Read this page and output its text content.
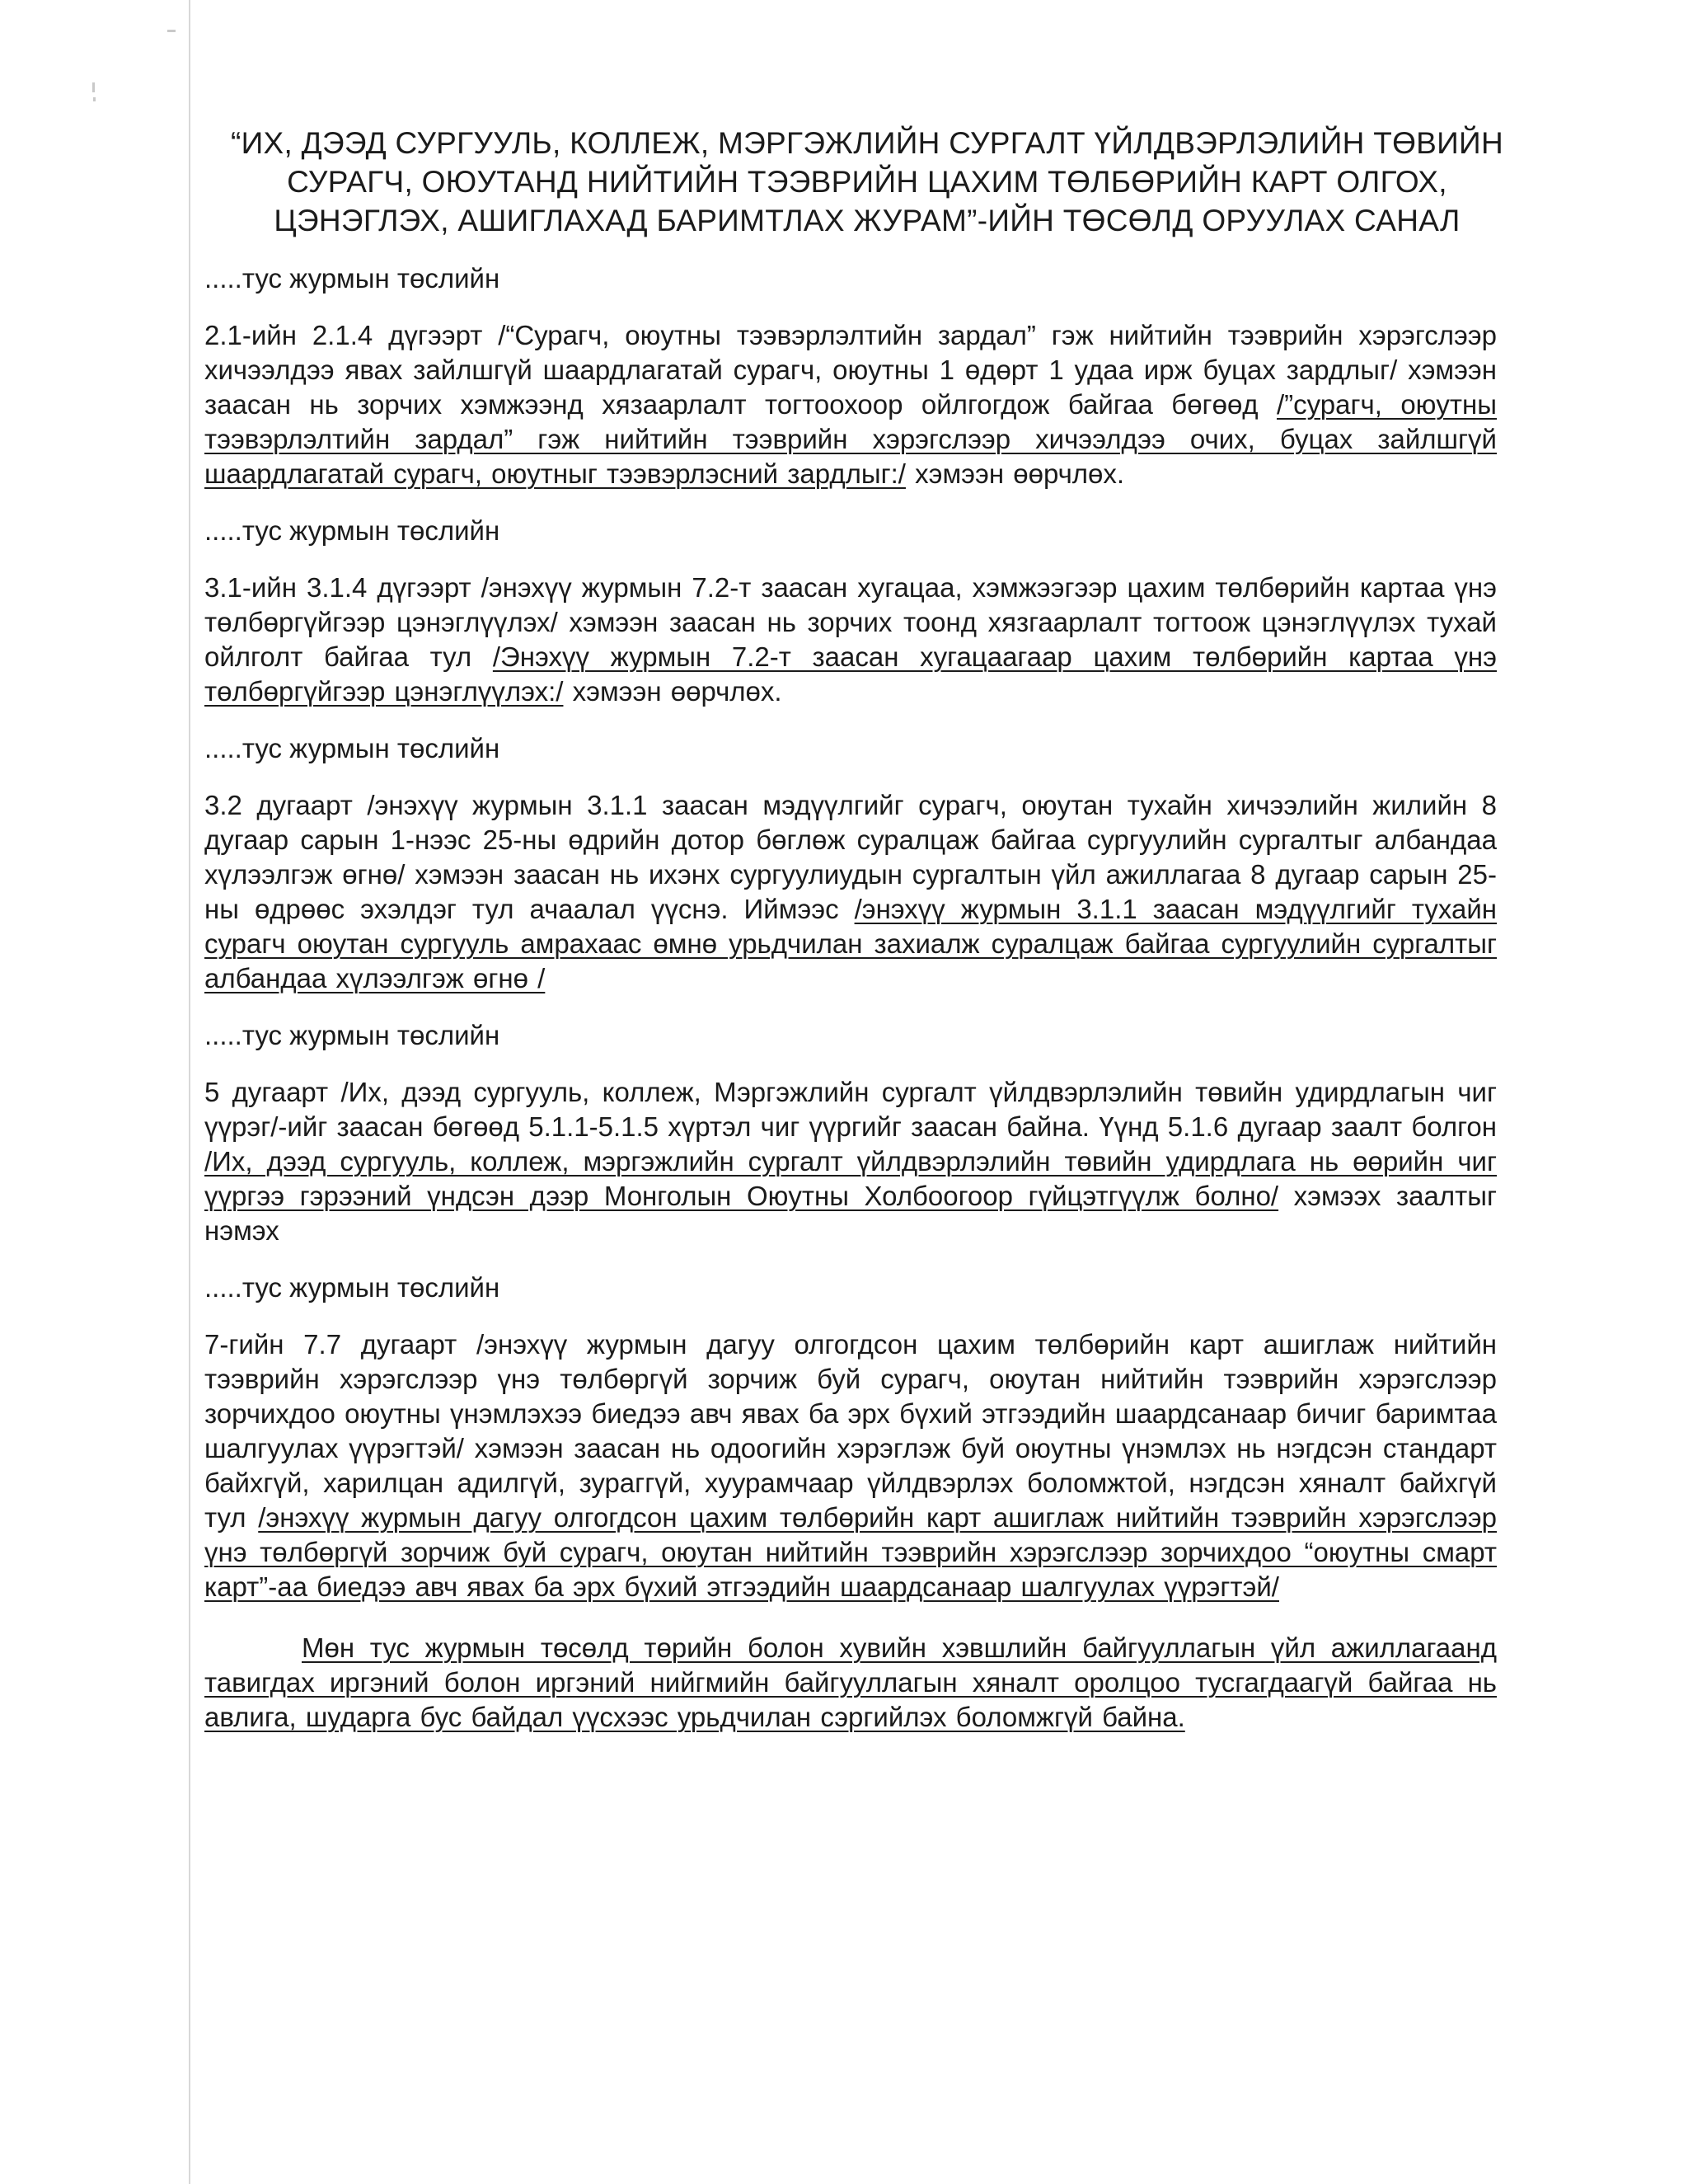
“ИХ, ДЭЭД СУРГУУЛЬ, КОЛЛЕЖ, МЭРГЭЖЛИЙН СУРГАЛТ ҮЙЛДВЭРЛЭЛИЙН ТӨВИЙН
СУРАГЧ, ОЮУТАНД НИЙТИЙН ТЭЭВРИЙН ЦАХИМ ТӨЛБӨРИЙН КАРТ ОЛГОХ,
ЦЭНЭГЛЭХ, АШИГЛАХАД БАРИМТЛАХ ЖУРАМ”-ИЙН ТӨСӨЛД ОРУУЛАХ САНАЛ
.....тус журмын төслийн
2.1-ийн 2.1.4 дүгээрт /“Сурагч, оюутны тээвэрлэлтийн зардал” гэж нийтийн тээврийн хэрэгслээр хичээлдээ явах зайлшгүй шаардлагатай сурагч, оюутны 1 өдөрт 1 удаа ирж буцах зардлыг/ хэмээн заасан нь зорчих хэмжээнд хязаарлалт тогтоохоор ойлгогдож байгаа бөгөөд /”сурагч, оюутны тээвэрлэлтийн зардал” гэж нийтийн тээврийн хэрэгслээр хичээлдээ очих, буцах зайлшгүй шаардлагатай сурагч, оюутныг тээвэрлэсний зардлыг:/ хэмээн өөрчлөх.
.....тус журмын төслийн
3.1-ийн 3.1.4 дүгээрт /энэхүү журмын 7.2-т заасан хугацаа, хэмжээгээр цахим төлбөрийн картаа үнэ төлбөргүйгээр цэнэглүүлэх/ хэмээн заасан нь зорчих тоонд хязгаарлалт тогтоож цэнэглүүлэх тухай ойлголт байгаа тул /Энэхүү журмын 7.2-т заасан хугацаагаар цахим төлбөрийн картаа үнэ төлбөргүйгээр цэнэглүүлэх:/ хэмээн өөрчлөх.
.....тус журмын төслийн
3.2 дугаарт /энэхүү журмын 3.1.1 заасан мэдүүлгийг сурагч, оюутан тухайн хичээлийн жилийн 8 дугаар сарын 1-нээс 25-ны өдрийн дотор бөглөж суралцаж байгаа сургуулийн сургалтыг албандаа хүлээлгэж өгнө/ хэмээн заасан нь ихэнх сургуулиудын сургалтын үйл ажиллагаа 8 дугаар сарын 25-ны өдрөөс эхэлдэг тул ачаалал үүснэ. Иймээс /энэхүү журмын 3.1.1 заасан мэдүүлгийг тухайн сурагч оюутан сургууль амрахаас өмнө урьдчилан захиалж суралцаж байгаа сургуулийн сургалтыг албандаа хүлээлгэж өгнө /
.....тус журмын төслийн
5 дугаарт /Их, дээд сургууль, коллеж, Мэргэжлийн сургалт үйлдвэрлэлийн төвийн удирдлагын чиг үүрэг/-ийг заасан бөгөөд 5.1.1-5.1.5 хүртэл чиг үүргийг заасан байна. Үүнд 5.1.6 дугаар заалт болгон /Их, дээд сургууль, коллеж, мэргэжлийн сургалт үйлдвэрлэлийн төвийн удирдлага нь өөрийн чиг үүргээ гэрээний үндсэн дээр Монголын Оюутны Холбоогоор гүйцэтгүүлж болно/ хэмээх заалтыг нэмэх
.....тус журмын төслийн
7-гийн 7.7 дугаарт /энэхүү журмын дагуу олгогдсон цахим төлбөрийн карт ашиглаж нийтийн тээврийн хэрэгслээр үнэ төлбөргүй зорчиж буй сурагч, оюутан нийтийн тээврийн хэрэгслээр зорчихдоо оюутны үнэмлэхээ биедээ авч явах ба эрх бүхий этгээдийн шаардсанаар бичиг баримтаа шалгуулах үүрэгтэй/ хэмээн заасан нь одоогийн хэрэглэж буй оюутны үнэмлэх нь нэгдсэн стандарт байхгүй, харилцан адилгүй, зураггүй, хуурамчаар үйлдвэрлэх боломжтой, нэгдсэн хяналт байхгүй тул /энэхүү журмын дагуу олгогдсон цахим төлбөрийн карт ашиглаж нийтийн тээврийн хэрэгслээр үнэ төлбөргүй зорчиж буй сурагч, оюутан нийтийн тээврийн хэрэгслээр зорчихдоо “оюутны смарт карт”-аа биедээ авч явах ба эрх бүхий этгээдийн шаардсанаар шалгуулах үүрэгтэй/
Мөн тус журмын төсөлд төрийн болон хувийн хэвшлийн байгууллагын үйл ажиллагаанд тавигдах иргэний болон иргэний нийгмийн байгууллагын хяналт оролцоо тусгагдаагүй байгаа нь авлига, шударга бус байдал үүсхээс урьдчилан сэргийлэх боломжгүй байна.
